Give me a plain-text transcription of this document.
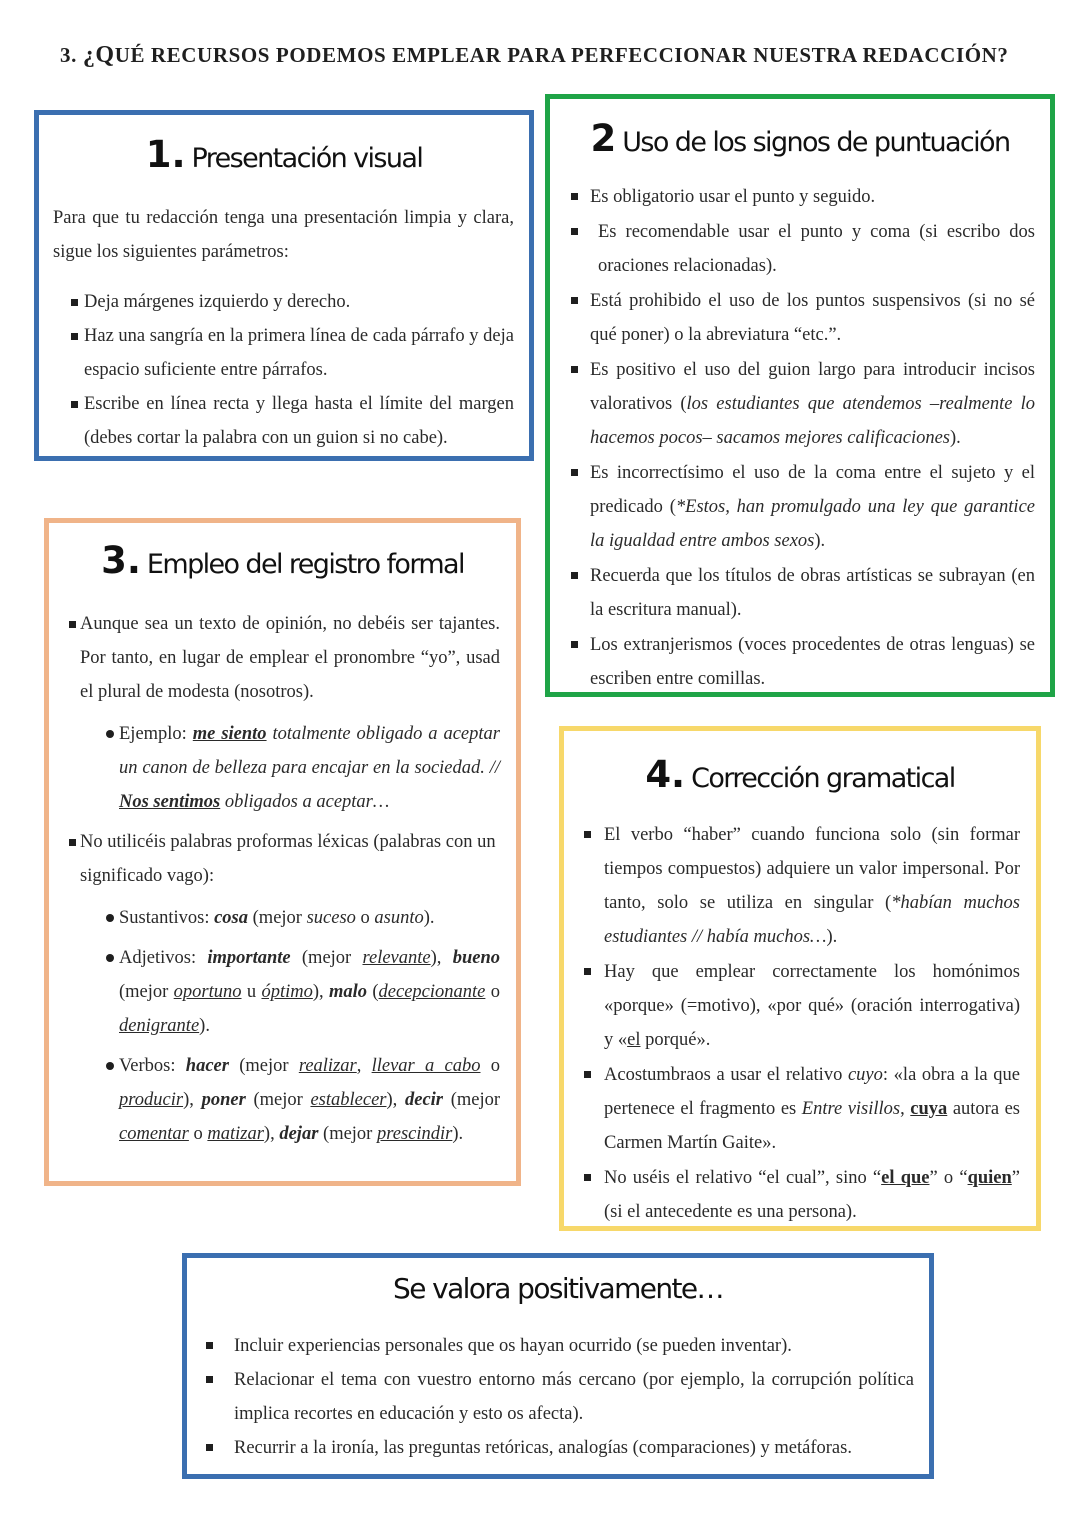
3. ¿QUÉ RECURSOS PODEMOS EMPLEAR PARA PERFECCIONAR NUESTRA REDACCIÓN?
1. Presentación visual

Para que tu redacción tenga una presentación limpia y clara, sigue los siguientes parámetros:

Deja márgenes izquierdo y derecho.
Haz una sangría en la primera línea de cada párrafo y deja espacio suficiente entre párrafos.
Escribe en línea recta y llega hasta el límite del margen (debes cortar la palabra con un guion si no cabe).
2 Uso de los signos de puntuación
Es obligatorio usar el punto y seguido.
Es recomendable usar el punto y coma (si escribo dos oraciones relacionadas).
Está prohibido el uso de los puntos suspensivos (si no sé qué poner) o la abreviatura “etc.”.
Es positivo el uso del guion largo para introducir incisos valorativos (los estudiantes que atendemos –realmente lo hacemos pocos– sacamos mejores calificaciones).
Es incorrectísimo el uso de la coma entre el sujeto y el predicado (*Estos, han promulgado una ley que garantice la igualdad entre ambos sexos).
Recuerda que los títulos de obras artísticas se subrayan (en la escritura manual).
Los extranjerismos (voces procedentes de otras lenguas) se escriben entre comillas.
3. Empleo del registro formal
Aunque sea un texto de opinión, no debéis ser tajantes. Por tanto, en lugar de emplear el pronombre “yo”, usad el plural de modesta (nosotros).
Ejemplo: me siento totalmente obligado a aceptar un canon de belleza para encajar en la sociedad. // Nos sentimos obligados a aceptar…
No utilicéis palabras proformas léxicas (palabras con un significado vago):
Sustantivos: cosa (mejor suceso o asunto).
Adjetivos: importante (mejor relevante), bueno (mejor oportuno u óptimo), malo (decepcionante o denigrante).
Verbos: hacer (mejor realizar, llevar a cabo o producir), poner (mejor establecer), decir (mejor comentar o matizar), dejar (mejor prescindir).
4. Corrección gramatical
El verbo “haber” cuando funciona solo (sin formar tiempos compuestos) adquiere un valor impersonal. Por tanto, solo se utiliza en singular (*habían muchos estudiantes // había muchos…).
Hay que emplear correctamente los homónimos «porque» (=motivo), «por qué» (oración interrogativa) y «el porqué».
Acostumbraos a usar el relativo cuyo: «la obra a la que pertenece el fragmento es Entre visillos, cuya autora es Carmen Martín Gaite».
No uséis el relativo “el cual”, sino “el que” o “quien” (si el antecedente es una persona).
Se valora positivamente…
Incluir experiencias personales que os hayan ocurrido (se pueden inventar).
Relacionar el tema con vuestro entorno más cercano (por ejemplo, la corrupción política implica recortes en educación y esto os afecta).
Recurrir a la ironía, las preguntas retóricas, analogías (comparaciones) y metáforas.
